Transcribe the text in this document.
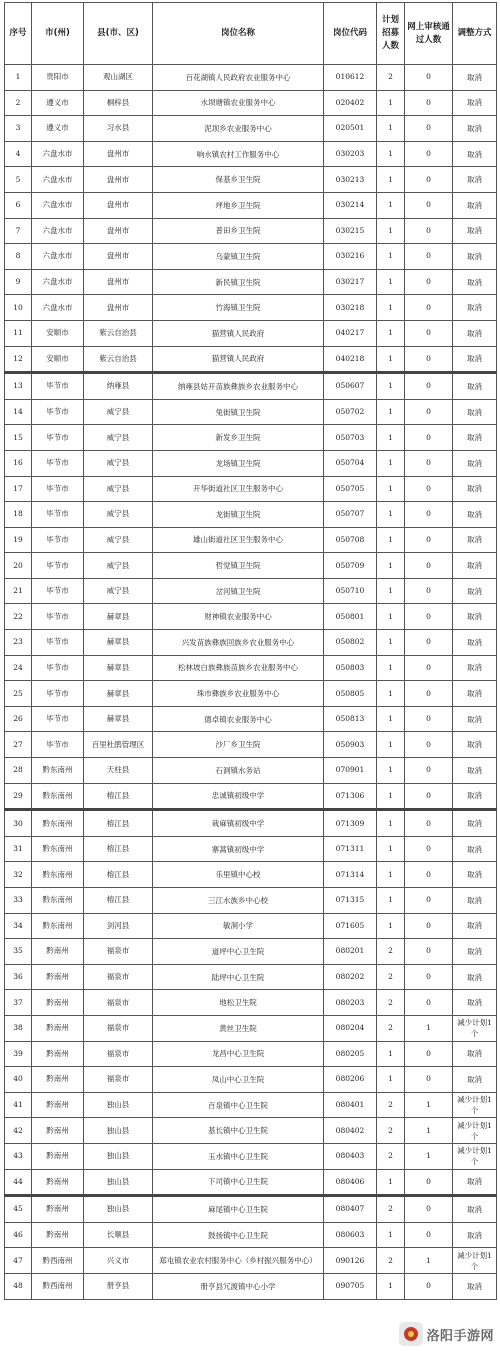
序号	市(州)	县(市、区)	岗位名称	岗位代码	计划招募人数	网上审核通过人数	调整方式
1	贵阳市	观山湖区	百花湖镇人民政府农业服务中心	010612	2	0	取消
2	遵义市	桐梓县	水坝塘镇农业服务中心	020402	1	0	取消
3	遵义市	习水县	泥坝乡农业服务中心	020501	1	0	取消
4	六盘水市	盘州市	响水镇农村工作服务中心	030203	1	0	取消
5	六盘水市	盘州市	保基乡卫生院	030213	1	0	取消
6	六盘水市	盘州市	坪地乡卫生院	030214	1	0	取消
7	六盘水市	盘州市	普田乡卫生院	030215	1	0	取消
8	六盘水市	盘州市	乌蒙镇卫生院	030216	1	0	取消
9	六盘水市	盘州市	新民镇卫生院	030217	1	0	取消
10	六盘水市	盘州市	竹海镇卫生院	030218	1	0	取消
11	安顺市	紫云自治县	猫营镇人民政府	040217	1	0	取消
12	安顺市	紫云自治县	猫营镇人民政府	040218	1	0	取消
13	毕节市	纳雍县	纳雍县姑开苗族彝族乡农业服务中心	050607	1	0	取消
14	毕节市	威宁县	兔街镇卫生院	050702	1	0	取消
15	毕节市	威宁县	新发乡卫生院	050703	1	0	取消
16	毕节市	威宁县	龙场镇卫生院	050704	1	0	取消
17	毕节市	威宁县	开华街道社区卫生服务中心	050705	1	0	取消
18	毕节市	威宁县	龙街镇卫生院	050707	1	0	取消
19	毕节市	威宁县	雄山街道社区卫生服务中心	050708	1	0	取消
20	毕节市	威宁县	哲觉镇卫生院	050709	1	0	取消
21	毕节市	威宁县	岔河镇卫生院	050710	1	0	取消
22	毕节市	赫章县	财神镇农业服务中心	050801	1	0	取消
23	毕节市	赫章县	兴发苗族彝族回族乡农业服务中心	050802	1	0	取消
24	毕节市	赫章县	松林坡白族彝族苗族乡农业服务中心	050803	1	0	取消
25	毕节市	赫章县	珠市彝族乡农业服务中心	050805	1	0	取消
26	毕节市	赫章县	德卓镇农业服务中心	050813	1	0	取消
27	毕节市	百里杜鹃管理区	沙厂乡卫生院	050903	1	0	取消
28	黔东南州	天柱县	石洞镇水务站	070901	1	0	取消
29	黔东南州	榕江县	忠诚镇初级中学	071306	1	0	取消
30	黔东南州	榕江县	栽麻镇初级中学	071309	1	0	取消
31	黔东南州	榕江县	寨蒿镇初级中学	071311	1	0	取消
32	黔东南州	榕江县	乐里镇中心校	071314	1	0	取消
33	黔东南州	榕江县	三江水族乡中心校	071315	1	0	取消
34	黔东南州	剑河县	敏洞小学	071605	1	0	取消
35	黔南州	福泉市	道坪中心卫生院	080201	2	0	取消
36	黔南州	福泉市	陆坪中心卫生院	080202	2	0	取消
37	黔南州	福泉市	地松卫生院	080203	2	0	取消
38	黔南州	福泉市	黄丝卫生院	080204	2	1	减少计划1个
39	黔南州	福泉市	龙昌中心卫生院	080205	1	0	取消
40	黔南州	福泉市	凤山中心卫生院	080206	1	0	取消
41	黔南州	独山县	百泉镇中心卫生院	080401	2	1	减少计划1个
42	黔南州	独山县	基长镇中心卫生院	080402	2	1	减少计划1个
43	黔南州	独山县	玉水镇中心卫生院	080403	2	1	减少计划1个
44	黔南州	独山县	下司镇中心卫生院	080406	1	0	取消
45	黔南州	独山县	麻尾镇中心卫生院	080407	2	0	取消
46	黔南州	长顺县	鼓扬镇中心卫生院	080603	1	0	取消
47	黔西南州	兴义市	郑屯镇农业农村服务中心（乡村振兴服务中心）	090126	2	1	减少计划1个
48	黔西南州	册亨县	册亨县冗渡镇中心小学	090705	1	0	取消
洛阳手游网
